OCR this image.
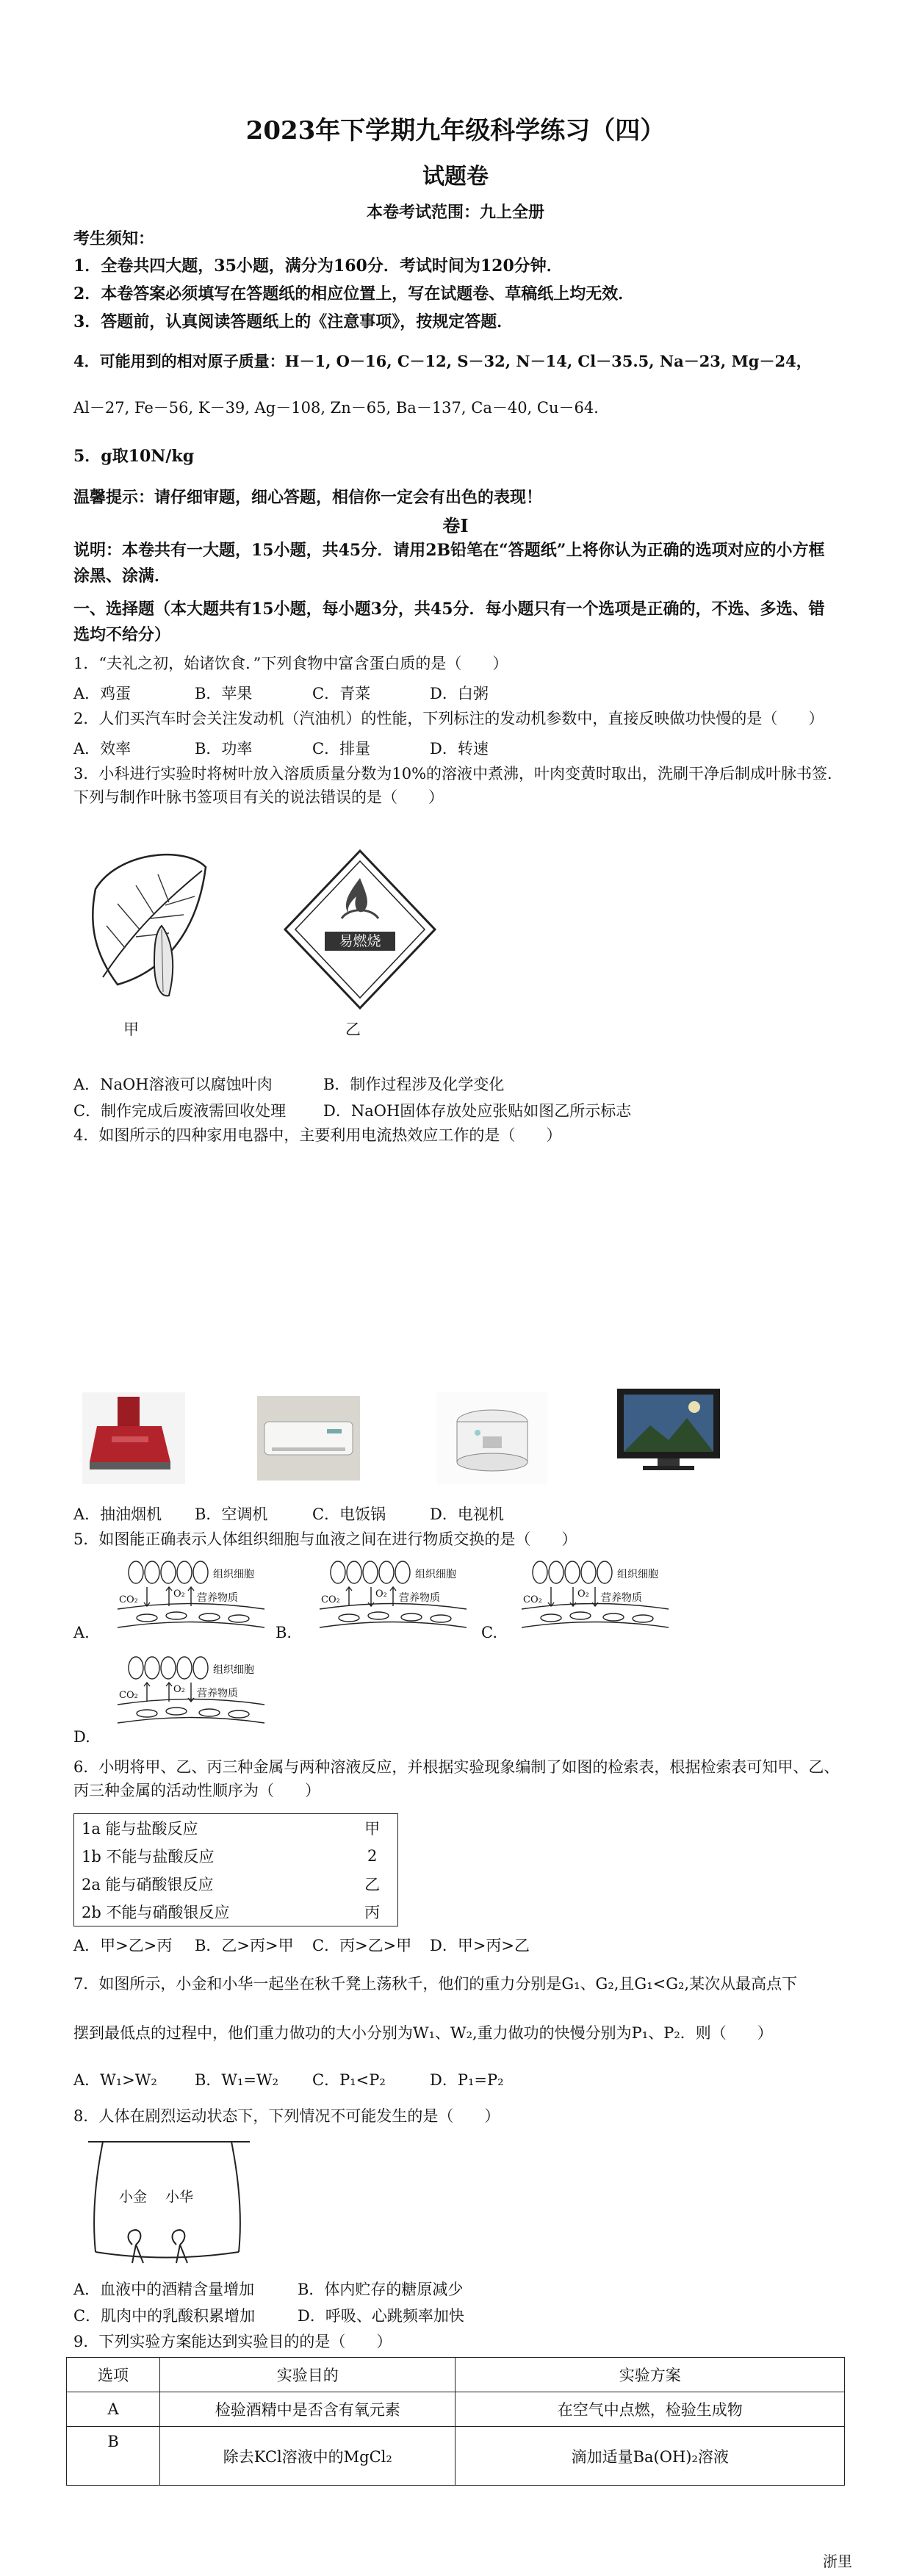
2023年下学期九年级科学练习（四）
试题卷
本卷考试范围：九上全册
考生须知：
1．全卷共四大题，35小题，满分为160分．考试时间为120分钟．
2．本卷答案必须填写在答题纸的相应位置上，写在试题卷、草稿纸上均无效．
3．答题前，认真阅读答题纸上的《注意事项》，按规定答题．
4．可能用到的相对原子质量：H－1, O－16, C－12, S－32, N－14, Cl－35.5, Na－23, Mg－24，
Al－27, Fe－56, K－39, Ag－108, Zn－65, Ba－137, Ca－40, Cu－64．
5．g取10N/kg
温馨提示：请仔细审题，细心答题，相信你一定会有出色的表现！
卷Ⅰ
说明：本卷共有一大题，15小题，共45分．请用2B铅笔在“答题纸”上将你认为正确的选项对应的小方框涂黑、涂满．
一、选择题（本大题共有15小题，每小题3分，共45分．每小题只有一个选项是正确的，不选、多选、错选均不给分）
1．“夫礼之初，始诸饮食．”下列食物中富含蛋白质的是（　　）
A．鸡蛋	B．苹果	C．青菜	D．白粥
2．人们买汽车时会关注发动机（汽油机）的性能，下列标注的发动机参数中，直接反映做功快慢的是（　　）
A．效率	B．功率	C．排量	D．转速
3．小科进行实验时将树叶放入溶质质量分数为10%的溶液中煮沸，叶肉变黄时取出，洗刷干净后制成叶脉书签．下列与制作叶脉书签项目有关的说法错误的是（　　）
甲
易燃烧
乙
A．NaOH溶液可以腐蚀叶肉	B．制作过程涉及化学变化
C．制作完成后废液需回收处理 D．NaOH固体存放处应张贴如图乙所示标志
4．如图所示的四种家用电器中，主要利用电流热效应工作的是（　　）
A．抽油烟机 B．空调机	C．电饭锅	D．电视机
5．如图能正确表示人体组织细胞与血液之间在进行物质交换的是（　　）
A.
组织细胞
O₂ 营养物质
CO₂
B.
组织细胞
O₂ 营养物质
CO₂
C.
组织细胞
O₂ 营养物质
CO₂
组织细胞
O₂ 营养物质
CO₂
D.
6．小明将甲、乙、丙三种金属与两种溶液反应，并根据实验现象编制了如图的检索表，根据检索表可知甲、乙、丙三种金属的活动性顺序为（　　）
1a 能与盐酸反应	甲
1b 不能与盐酸反应	2
2a 能与硝酸银反应	乙
2b 不能与硝酸银反应	丙
A．甲>乙>丙 B．乙>丙>甲 C．丙>乙>甲 D．甲>丙>乙
7．如图所示，小金和小华一起坐在秋千凳上荡秋千，他们的重力分别是G₁、G₂,且G₁<G₂,某次从最高点下
摆到最低点的过程中，他们重力做功的大小分别为W₁、W₂,重力做功的快慢分别为P₁、P₂．则（　　）
A．W₁>W₂ B．W₁=W₂ C．P₁<P₂	D．P₁=P₂
8．人体在剧烈运动状态下，下列情况不可能发生的是（　　）
小金 小华
A．血液中的酒精含量增加	B．体内贮存的糖原减少
C．肌肉中的乳酸积累增加	D．呼吸、心跳频率加快
9．下列实验方案能达到实验目的的是（　　）
选项	实验目的	实验方案
A	检验酒精中是否含有氧元素	在空气中点燃，检验生成物
B	除去KCl溶液中的MgCl₂	滴加适量Ba(OH)₂溶液
浙里
